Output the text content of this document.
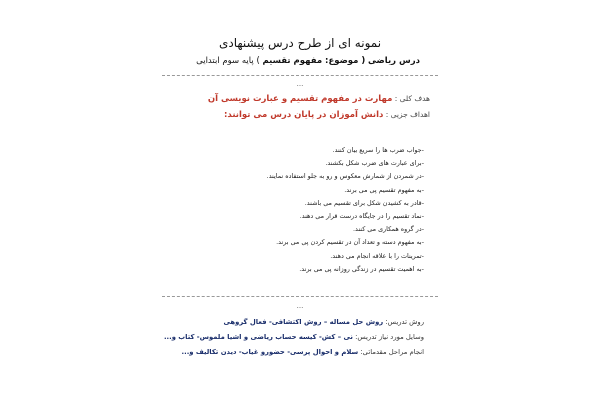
نمونه ای از طرح درس پیشنهادی
درس ریاضی ( موضوع: مفهوم تقسیم ) پایه سوم ابتدایی
...
هدف کلی : مهارت در مفهوم تقسیم و عبارت نویسی آن
اهداف جزیی : دانش آموزان در پایان درس می توانند:
-جواب ضرب ها را سریع بیان کنند.
-برای عبارت های ضرب شکل بکشند.
-در شمردن از شمارش معکوس و رو به جلو استفاده نمایند.
-به مفهوم تقسیم پی می برند.
-قادر به کشیدن شکل برای تقسیم می باشند.
-نماد تقسیم را در جایگاه درست قرار می دهند.
-در گروه همکاری می کنند.
-به مفهوم دسته و تعداد آن در تقسیم کردن پی می برند.
-تمرینات را با علاقه انجام می دهند.
-به اهمیت تقسیم در زندگی روزانه پی می برند.
...
روش تدریس: روش حل مساله – روش اکتشافی- فعال گروهی
وسایل مورد نیاز تدریس: نی – کش- کیسه حساب ریاضی و اشیا ملموس- کتاب و...
انجام مراحل مقدماتی: سلام و احوال پرسی- حضورو غیاب- دیدن تکالیف و...
